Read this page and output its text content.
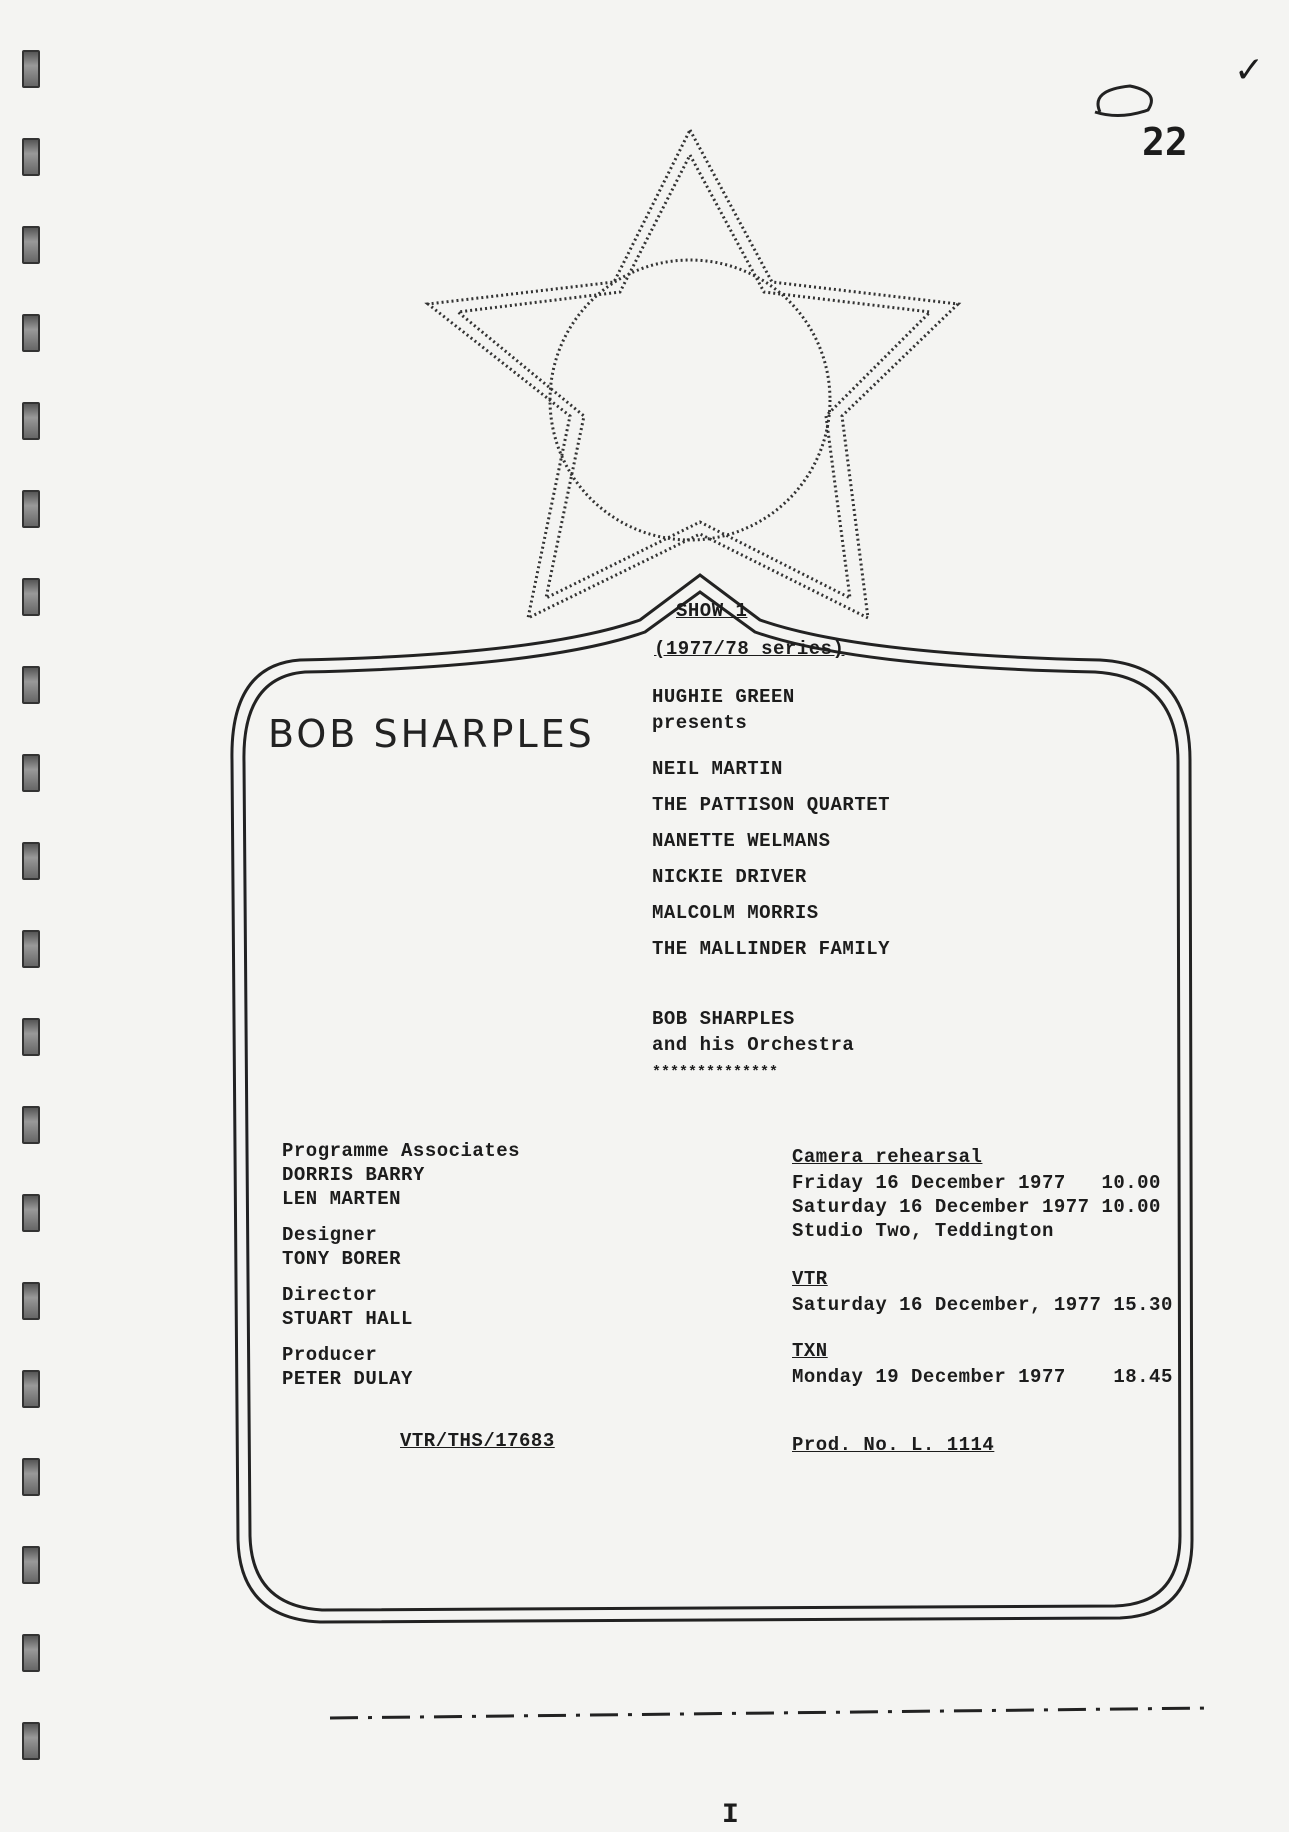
✓
22
BOB SHARPLES
SHOW 1
(1977/78 series)
HUGHIE GREEN
presents
NEIL MARTIN
THE PATTISON QUARTET
NANETTE WELMANS
NICKIE DRIVER
MALCOLM MORRIS
THE MALLINDER FAMILY
BOB SHARPLES
and his Orchestra
**************
Programme Associates
DORRIS BARRY
LEN MARTEN
Designer
TONY BORER
Director
STUART HALL
Producer
PETER DULAY
VTR/THS/17683
Camera rehearsal
Friday 16 December 1977   10.00
Saturday 16 December 1977 10.00
Studio Two, Teddington
VTR
Saturday 16 December, 1977 15.30
TXN
Monday 19 December 1977    18.45
Prod. No. L. 1114
I
